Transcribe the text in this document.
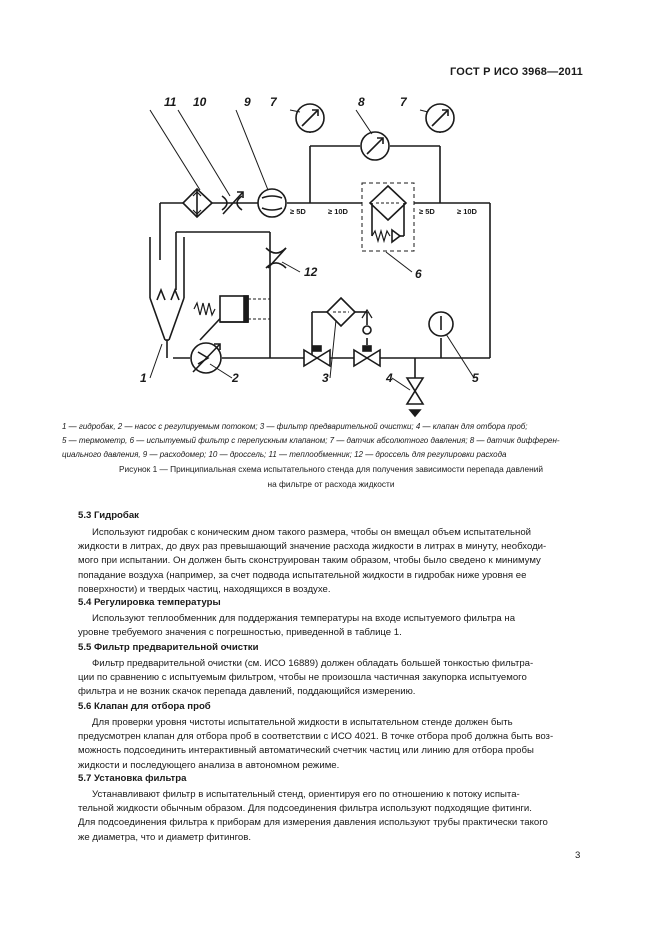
ГОСТ Р ИСО 3968—2011
11 10	9 7	8	7
12	6
1	2	3	4	5
≥ 5D	≥ 10D	≥ 5D	≥ 10D
1 — гидробак, 2 — насос с регулируемым потоком; 3 — фильтр предварительной очистки; 4 — клапан для отбора проб;
5 — термометр, 6 — испытуемый фильтр с перепускным клапаном; 7 — датчик абсолютного давления; 8 — датчик дифферен-
циального давления, 9 — расходомер; 10 — дроссель; 11 — теплообменник; 12 — дроссель для регулировки расхода
Рисунок 1 — Принципиальная схема испытательного стенда для получения зависимости перепада давлений
на фильтре от расхода жидкости
5.3 Гидробак
Используют гидробак с коническим дном такого размера, чтобы он вмещал объем испытательной
жидкости в литрах, до двух раз превышающий значение расхода жидкости в литрах в минуту, необходи-
мого при испытании. Он должен быть сконструирован таким образом, чтобы было сведено к минимуму
попадание воздуха (например, за счет подвода испытательной жидкости в гидробак ниже уровня ее
поверхности) и твердых частиц, находящихся в воздухе.
5.4 Регулировка температуры
Используют теплообменник для поддержания температуры на входе испытуемого фильтра на
уровне требуемого значения с погрешностью, приведенной в таблице 1.
5.5 Фильтр предварительной очистки
Фильтр предварительной очистки (см. ИСО 16889) должен обладать большей тонкостью фильтра-
ции по сравнению с испытуемым фильтром, чтобы не произошла частичная закупорка испытуемого
фильтра и не возник скачок перепада давлений, поддающийся измерению.
5.6 Клапан для отбора проб
Для проверки уровня чистоты испытательной жидкости в испытательном стенде должен быть
предусмотрен клапан для отбора проб в соответствии с ИСО 4021. В точке отбора проб должна быть воз-
можность подсоединить интерактивный автоматический счетчик частиц или линию для отбора пробы
жидкости и последующего анализа в автономном режиме.
5.7 Установка фильтра
Устанавливают фильтр в испытательный стенд, ориентируя его по отношению к потоку испыта-
тельной жидкости обычным образом. Для подсоединения фильтра используют подходящие фитинги.
Для подсоединения фильтра к приборам для измерения давления используют трубы практически такого
же диаметра, что и диаметр фитингов.
3
